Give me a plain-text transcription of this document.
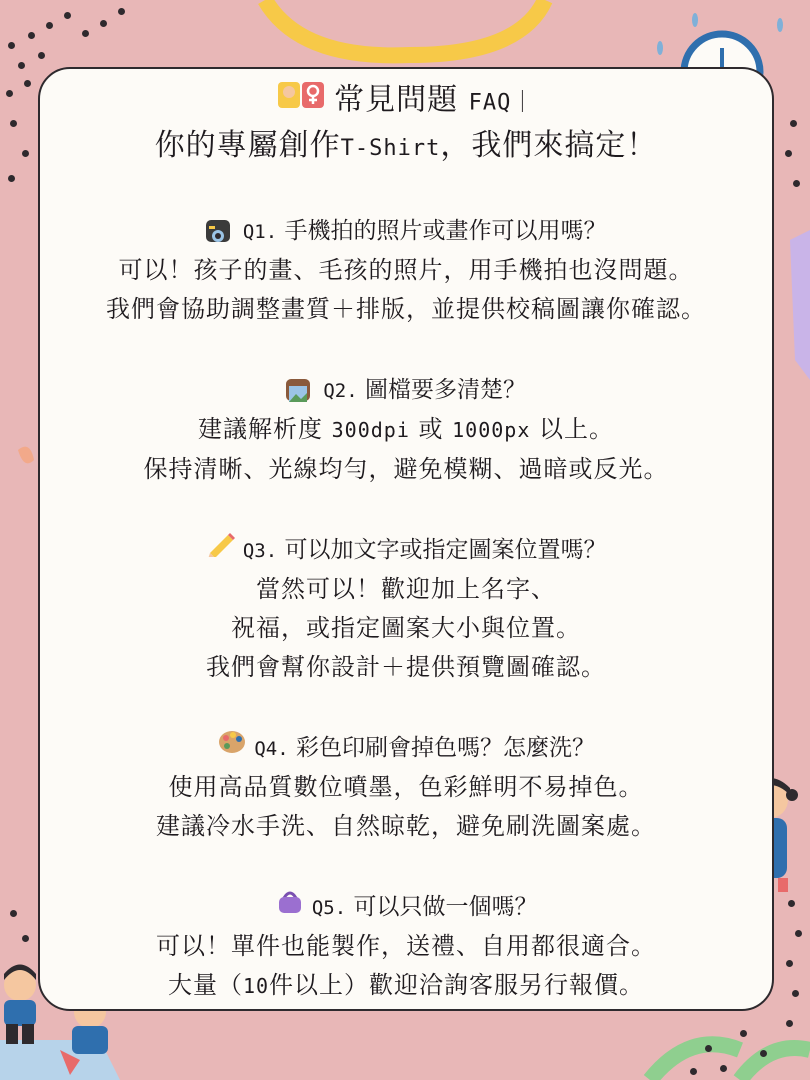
常見問題 FAQ｜
你的專屬創作T-Shirt，我們來搞定！
Q1. 手機拍的照片或畫作可以用嗎？
可以！孩子的畫、毛孩的照片，用手機拍也沒問題。
我們會協助調整畫質＋排版，並提供校稿圖讓你確認。
Q2. 圖檔要多清楚？
建議解析度 300dpi 或 1000px 以上。
保持清晰、光線均勻，避免模糊、過暗或反光。
Q3. 可以加文字或指定圖案位置嗎？
當然可以！歡迎加上名字、
祝福，或指定圖案大小與位置。
我們會幫你設計＋提供預覽圖確認。
Q4. 彩色印刷會掉色嗎？怎麼洗？
使用高品質數位噴墨，色彩鮮明不易掉色。
建議冷水手洗、自然晾乾，避免刷洗圖案處。
Q5. 可以只做一個嗎？
可以！單件也能製作，送禮、自用都很適合。
大量（10件以上）歡迎洽詢客服另行報價。
